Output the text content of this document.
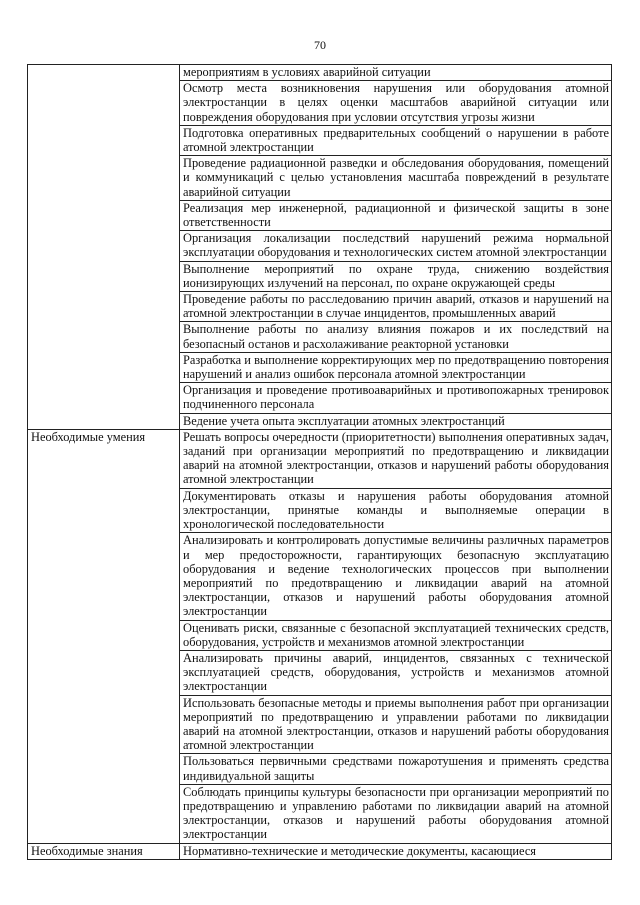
70
	мероприятиям в условиях аварийной ситуации
	Осмотр места возникновения нарушения или оборудования атомной электростанции в целях оценки масштабов аварийной ситуации или повреждения оборудования при условии отсутствия угрозы жизни
	Подготовка оперативных предварительных сообщений о нарушении в работе атомной электростанции
	Проведение радиационной разведки и обследования оборудования, помещений и коммуникаций с целью установления масштаба повреждений в результате аварийной ситуации
	Реализация мер инженерной, радиационной и физической защиты в зоне ответственности
	Организация локализации последствий нарушений режима нормальной эксплуатации оборудования и технологических систем атомной электростанции
	Выполнение мероприятий по охране труда, снижению воздействия ионизирующих излучений на персонал, по охране окружающей среды
	Проведение работы по расследованию причин аварий, отказов и нарушений на атомной электростанции в случае инцидентов, промышленных аварий
	Выполнение работы по анализу влияния пожаров и их последствий на безопасный останов и расхолаживание реакторной установки
	Разработка и выполнение корректирующих мер по предотвращению повторения нарушений и анализ ошибок персонала атомной электростанции
	Организация и проведение противоаварийных и противопожарных тренировок подчиненного персонала
	Ведение учета опыта эксплуатации атомных электростанций
Необходимые умения	Решать вопросы очередности (приоритетности) выполнения оперативных задач, заданий при организации мероприятий по предотвращению и ликвидации аварий на атомной электростанции, отказов и нарушений работы оборудования атомной электростанции
	Документировать отказы и нарушения работы оборудования атомной электростанции, принятые команды и выполняемые операции в хронологической последовательности
	Анализировать и контролировать допустимые величины различных параметров и мер предосторожности, гарантирующих безопасную эксплуатацию оборудования и ведение технологических процессов при выполнении мероприятий по предотвращению и ликвидации аварий на атомной электростанции, отказов и нарушений работы оборудования атомной электростанции
	Оценивать риски, связанные с безопасной эксплуатацией технических средств, оборудования, устройств и механизмов атомной электростанции
	Анализировать причины аварий, инцидентов, связанных с технической эксплуатацией средств, оборудования, устройств и механизмов атомной электростанции
	Использовать безопасные методы и приемы выполнения работ при организации мероприятий по предотвращению и управлении работами по ликвидации аварий на атомной электростанции, отказов и нарушений работы оборудования атомной электростанции
	Пользоваться первичными средствами пожаротушения и применять средства индивидуальной защиты
	Соблюдать принципы культуры безопасности при организации мероприятий по предотвращению и управлению работами по ликвидации аварий на атомной электростанции, отказов и нарушений работы оборудования атомной электростанции
Необходимые знания	Нормативно-технические и методические документы, касающиеся
